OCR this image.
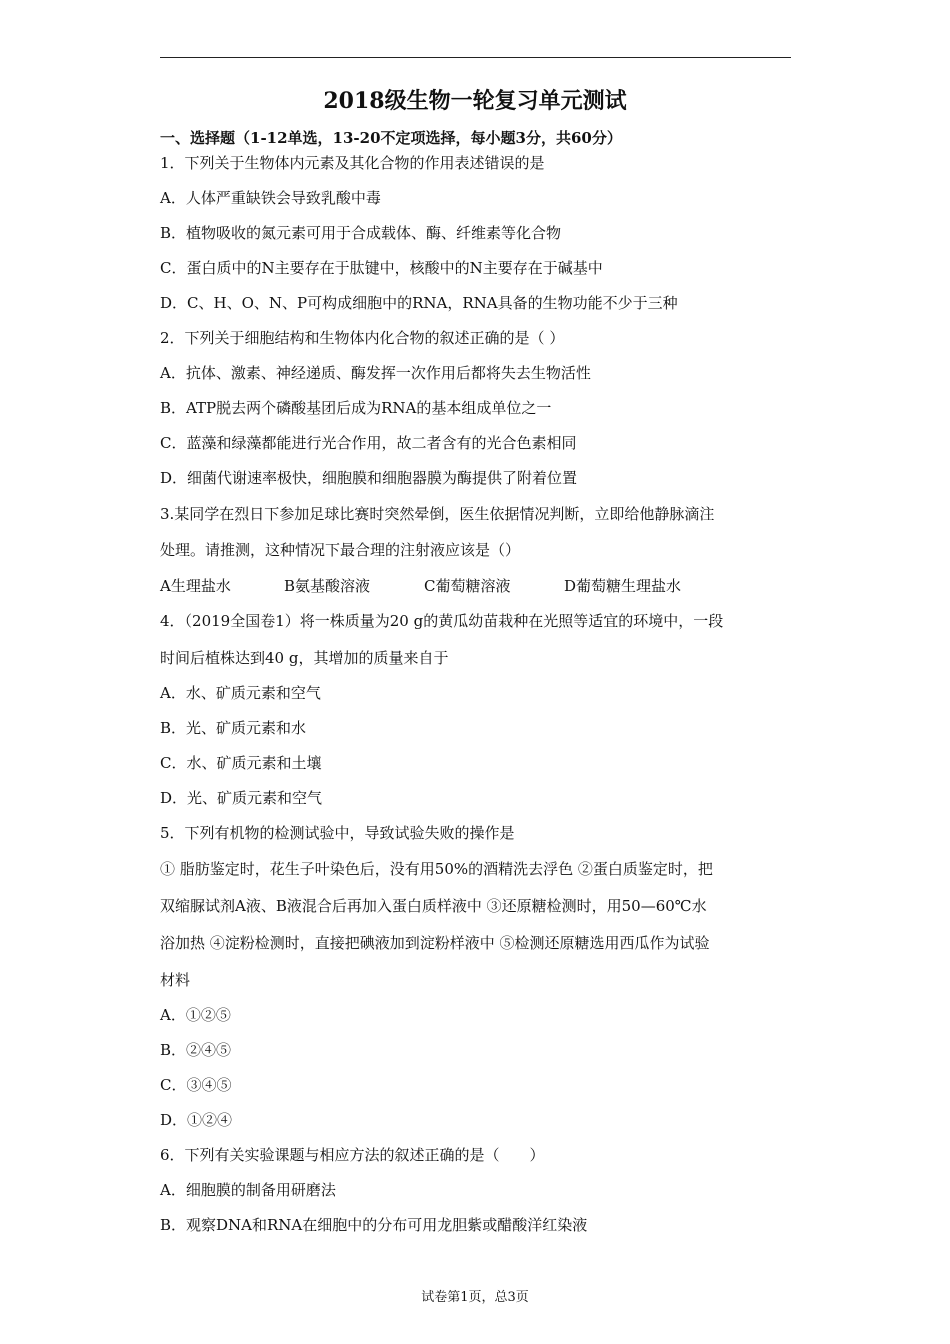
2018级生物一轮复习单元测试
一、选择题（1-12单选，13-20不定项选择，每小题3分，共60分）
1．下列关于生物体内元素及其化合物的作用表述错误的是
A．人体严重缺铁会导致乳酸中毒
B．植物吸收的氮元素可用于合成载体、酶、纤维素等化合物
C．蛋白质中的N主要存在于肽键中，核酸中的N主要存在于碱基中
D．C、H、O、N、P可构成细胞中的RNA，RNA具备的生物功能不少于三种
2．下列关于细胞结构和生物体内化合物的叙述正确的是（ ）
A．抗体、激素、神经递质、酶发挥一次作用后都将失去生物活性
B．ATP脱去两个磷酸基团后成为RNA的基本组成单位之一
C．蓝藻和绿藻都能进行光合作用，故二者含有的光合色素相同
D．细菌代谢速率极快，细胞膜和细胞器膜为酶提供了附着位置
3.某同学在烈日下参加足球比赛时突然晕倒，医生依据情况判断，立即给他静脉滴注
处理。请推测，这种情况下最合理的注射液应该是（）
A生理盐水	B氨基酸溶液	C葡萄糖溶液	D葡萄糖生理盐水
4．（2019全国卷1）将一株质量为20 g的黄瓜幼苗栽种在光照等适宜的环境中，一段
时间后植株达到40 g，其增加的质量来自于
A．水、矿质元素和空气
B．光、矿质元素和水
C．水、矿质元素和土壤
D．光、矿质元素和空气
5．下列有机物的检测试验中，导致试验失败的操作是
① 脂肪鉴定时，花生子叶染色后，没有用50%的酒精洗去浮色 ②蛋白质鉴定时，把
双缩脲试剂A液、B液混合后再加入蛋白质样液中 ③还原糖检测时，用50—60℃水
浴加热 ④淀粉检测时，直接把碘液加到淀粉样液中 ⑤检测还原糖选用西瓜作为试验
材料
A．①②⑤
B．②④⑤
C．③④⑤
D．①②④
6．下列有关实验课题与相应方法的叙述正确的是（　　）
A．细胞膜的制备用研磨法
B．观察DNA和RNA在细胞中的分布可用龙胆紫或醋酸洋红染液
试卷第1页，总3页
